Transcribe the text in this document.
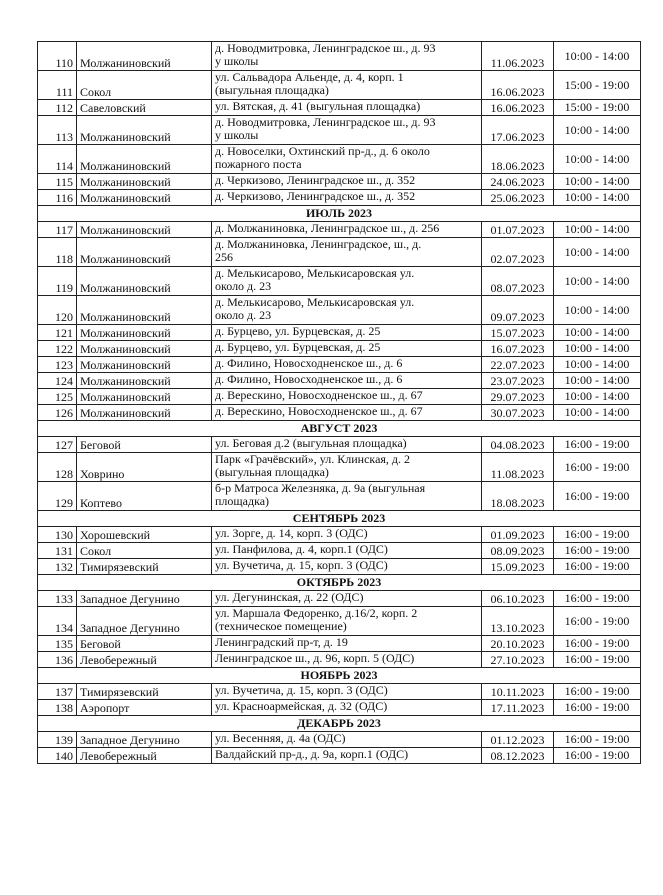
110	Молжаниновский	д. Новодмитровка, Ленинградское ш., д. 93
у школы	11.06.2023	10:00 - 14:00
111	Сокол	ул. Сальвадора Альенде, д. 4, корп. 1
(выгульная площадка)	16.06.2023	15:00 - 19:00
112	Савеловский	ул. Вятская, д. 41 (выгульная площадка)	16.06.2023	15:00 - 19:00
113	Молжаниновский	д. Новодмитровка, Ленинградское ш., д. 93
у школы	17.06.2023	10:00 - 14:00
114	Молжаниновский	д. Новоселки, Охтинский пр-д., д. 6 около
пожарного поста	18.06.2023	10:00 - 14:00
115	Молжаниновский	д. Черкизово, Ленинградское ш., д. 352	24.06.2023	10:00 - 14:00
116	Молжаниновский	д. Черкизово, Ленинградское ш., д. 352	25.06.2023	10:00 - 14:00
ИЮЛЬ 2023				
117	Молжаниновский	д. Молжаниновка, Ленинградское ш., д. 256	01.07.2023	10:00 - 14:00
118	Молжаниновский	д. Молжаниновка, Ленинградское, ш., д.
256	02.07.2023	10:00 - 14:00
119	Молжаниновский	д. Мелькисарово, Мелькисаровская ул.
около д. 23	08.07.2023	10:00 - 14:00
120	Молжаниновский	д. Мелькисарово, Мелькисаровская ул.
около д. 23	09.07.2023	10:00 - 14:00
121	Молжаниновский	д. Бурцево, ул. Бурцевская, д. 25	15.07.2023	10:00 - 14:00
122	Молжаниновский	д. Бурцево, ул. Бурцевская, д. 25	16.07.2023	10:00 - 14:00
123	Молжаниновский	д. Филино, Новосходненское ш., д. 6	22.07.2023	10:00 - 14:00
124	Молжаниновский	д. Филино, Новосходненское ш., д. 6	23.07.2023	10:00 - 14:00
125	Молжаниновский	д. Верескино, Новосходненское ш., д. 67	29.07.2023	10:00 - 14:00
126	Молжаниновский	д. Верескино, Новосходненское ш., д. 67	30.07.2023	10:00 - 14:00
АВГУСТ 2023				
127	Беговой	ул. Беговая д.2 (выгульная площадка)	04.08.2023	16:00 - 19:00
128	Ховрино	Парк «Грачёвский», ул. Клинская, д. 2
(выгульная площадка)	11.08.2023	16:00 - 19:00
129	Коптево	б-р Матроса Железняка, д. 9а (выгульная
площадка)	18.08.2023	16:00 - 19:00
СЕНТЯБРЬ 2023				
130	Хорошевский	ул. Зорге, д. 14, корп. 3 (ОДС)	01.09.2023	16:00 - 19:00
131	Сокол	ул. Панфилова, д. 4, корп.1 (ОДС)	08.09.2023	16:00 - 19:00
132	Тимирязевский	ул. Вучетича, д. 15, корп. 3 (ОДС)	15.09.2023	16:00 - 19:00
ОКТЯБРЬ 2023				
133	Западное Дегунино	ул. Дегунинская, д. 22 (ОДС)	06.10.2023	16:00 - 19:00
134	Западное Дегунино	ул. Маршала Федоренко, д.16/2, корп. 2
(техническое помещение)	13.10.2023	16:00 - 19:00
135	Беговой	Ленинградский пр-т, д. 19	20.10.2023	16:00 - 19:00
136	Левобережный	Ленинградское ш., д. 96, корп. 5 (ОДС)	27.10.2023	16:00 - 19:00
НОЯБРЬ 2023				
137	Тимирязевский	ул. Вучетича, д. 15, корп. 3 (ОДС)	10.11.2023	16:00 - 19:00
138	Аэропорт	ул. Красноармейская, д. 32 (ОДС)	17.11.2023	16:00 - 19:00
ДЕКАБРЬ 2023				
139	Западное Дегунино	ул. Весенняя, д. 4а (ОДС)	01.12.2023	16:00 - 19:00
140	Левобережный	Валдайский пр-д., д. 9а, корп.1 (ОДС)	08.12.2023	16:00 - 19:00
